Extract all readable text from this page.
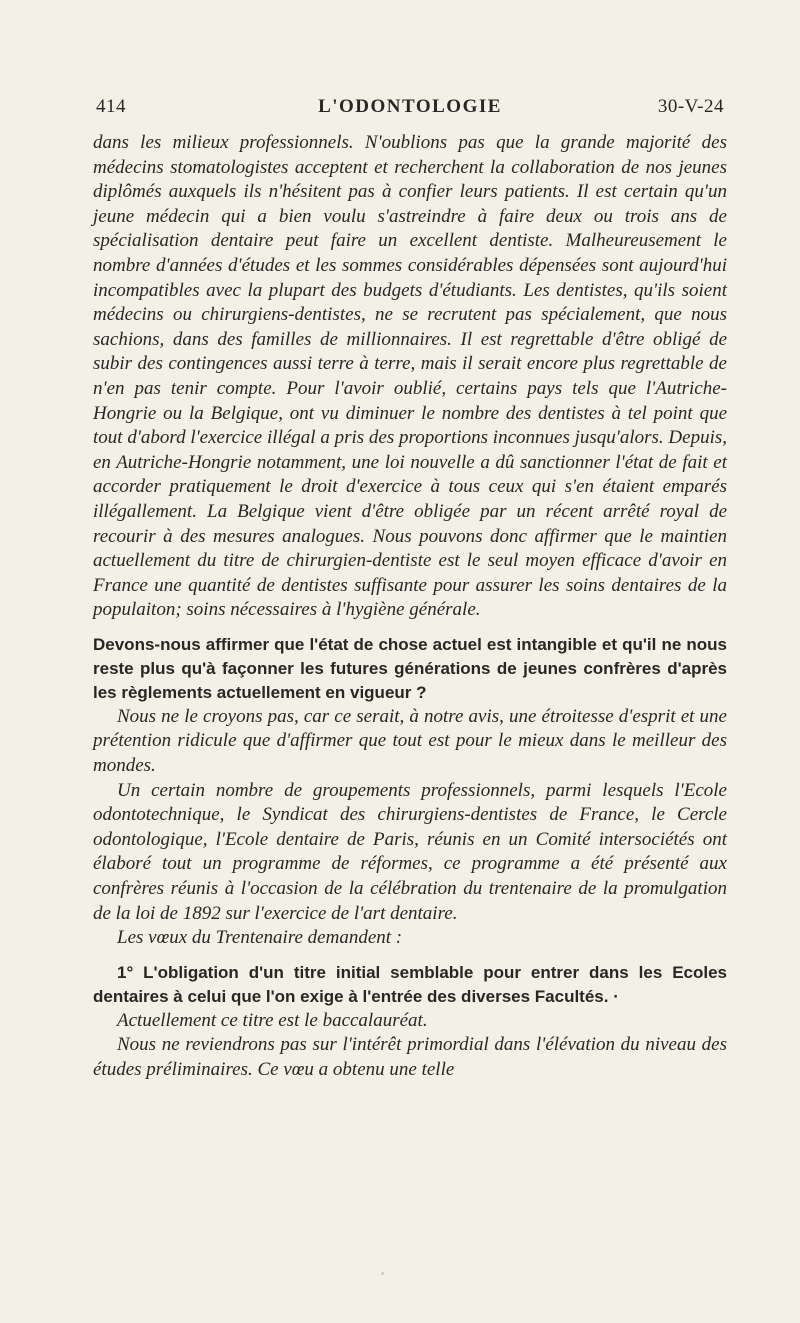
414	L'ODONTOLOGIE	30-V-24

dans les milieux professionnels. N'oublions pas que la grande majorité des médecins stomatologistes acceptent et recherchent la collaboration de nos jeunes diplômés auxquels ils n'hésitent pas à confier leurs patients. Il est certain qu'un jeune médecin qui a bien voulu s'astreindre à faire deux ou trois ans de spécialisation dentaire peut faire un excellent dentiste. Malheureusement le nombre d'années d'études et les sommes considérables dépensées sont aujourd'hui incompatibles avec la plupart des budgets d'étudiants. Les dentistes, qu'ils soient médecins ou chirurgiens-dentistes, ne se recrutent pas spécialement, que nous sachions, dans des familles de millionnaires. Il est regrettable d'être obligé de subir des contingences aussi terre à terre, mais il serait encore plus regrettable de n'en pas tenir compte. Pour l'avoir oublié, certains pays tels que l'Autriche-Hongrie ou la Belgique, ont vu diminuer le nombre des dentistes à tel point que tout d'abord l'exercice illégal a pris des proportions inconnues jusqu'alors. Depuis, en Autriche-Hongrie notamment, une loi nouvelle a dû sanctionner l'état de fait et accorder pratiquement le droit d'exercice à tous ceux qui s'en étaient emparés illégallement. La Belgique vient d'être obligée par un récent arrêté royal de recourir à des mesures analogues. Nous pouvons donc affirmer que le maintien actuellement du titre de chirurgien-dentiste est le seul moyen efficace d'avoir en France une quantité de dentistes suffisante pour assurer les soins dentaires de la populaiton; soins nécessaires à l'hygiène générale.

Devons-nous affirmer que l'état de chose actuel est intangible et qu'il ne nous reste plus qu'à façonner les futures générations de jeunes confrères d'après les règlements actuellement en vigueur ?

Nous ne le croyons pas, car ce serait, à notre avis, une étroitesse d'esprit et une prétention ridicule que d'affirmer que tout est pour le mieux dans le meilleur des mondes.

Un certain nombre de groupements professionnels, parmi lesquels l'Ecole odontotechnique, le Syndicat des chirurgiens-dentistes de France, le Cercle odontologique, l'Ecole dentaire de Paris, réunis en un Comité intersociétés ont élaboré tout un programme de réformes, ce programme a été présenté aux confrères réunis à l'occasion de la célébration du trentenaire de la promulgation de la loi de 1892 sur l'exercice de l'art dentaire.

Les vœux du Trentenaire demandent :

1° L'obligation d'un titre initial semblable pour entrer dans les Ecoles dentaires à celui que l'on exige à l'entrée des diverses Facultés. ·

Actuellement ce titre est le baccalauréat.

Nous ne reviendrons pas sur l'intérêt primordial dans l'élévation du niveau des études préliminaires. Ce vœu a obtenu une telle
